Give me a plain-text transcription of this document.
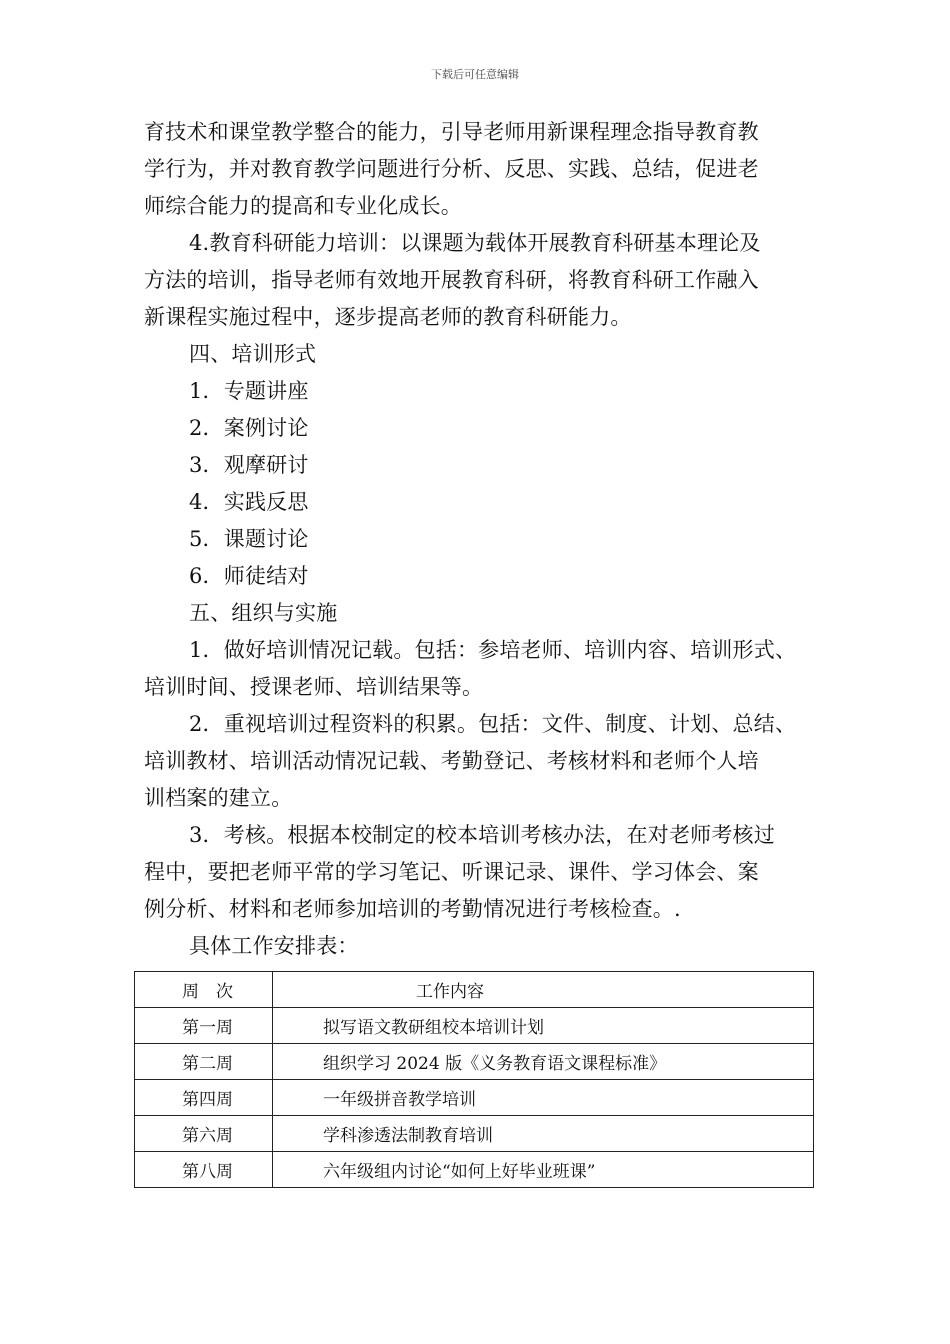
下载后可任意编辑
育技术和课堂教学整合的能力，引导老师用新课程理念指导教育教
学行为，并对教育教学问题进行分析、反思、实践、总结，促进老
师综合能力的提高和专业化成长。
4.教育科研能力培训：以课题为载体开展教育科研基本理论及
方法的培训，指导老师有效地开展教育科研，将教育科研工作融入
新课程实施过程中，逐步提高老师的教育科研能力。
四、培训形式
1．专题讲座
2．案例讨论
3．观摩研讨
4．实践反思
5．课题讨论
6．师徒结对
五、组织与实施
1．做好培训情况记载。包括：参培老师、培训内容、培训形式、
培训时间、授课老师、培训结果等。
2．重视培训过程资料的积累。包括：文件、制度、计划、总结、
培训教材、培训活动情况记载、考勤登记、考核材料和老师个人培
训档案的建立。
3．考核。根据本校制定的校本培训考核办法，在对老师考核过
程中，要把老师平常的学习笔记、听课记录、课件、学习体会、案
例分析、材料和老师参加培训的考勤情况进行考核检查。.
具体工作安排表：
周　次	工作内容

第一周	拟写语文教研组校本培训计划

第二周	组织学习 2024 版《义务教育语文课程标准》

第四周	一年级拼音教学培训

第六周	学科渗透法制教育培训

第八周	六年级组内讨论“如何上好毕业班课”
